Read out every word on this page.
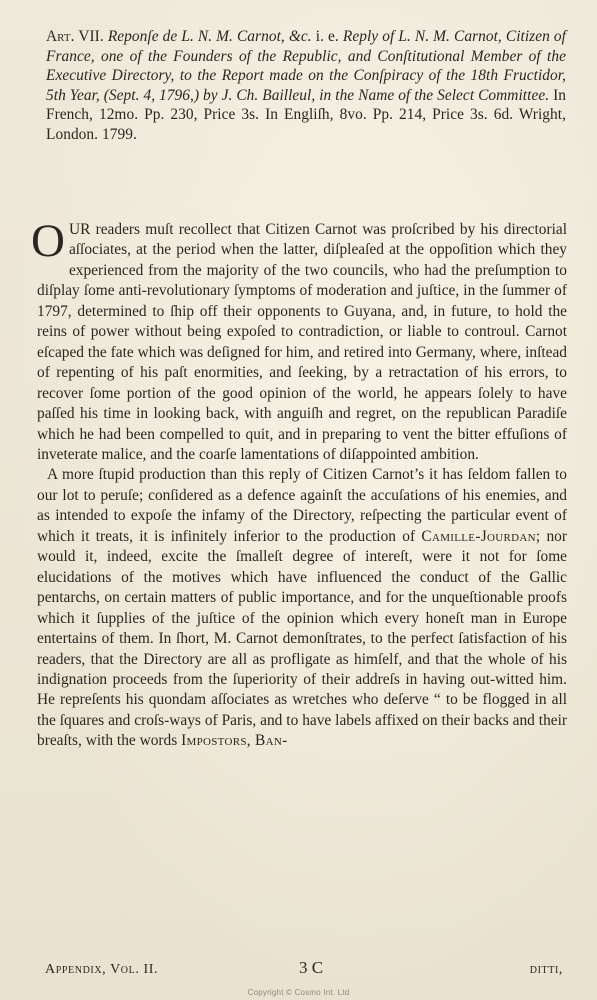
Art. VII. Reponſe de L. N. M. Carnot, &c. i. e. Reply of L. N. M. Carnot, Citizen of France, one of the Founders of the Republic, and Conſtitutional Member of the Executive Directory, to the Report made on the Conſpiracy of the 18th Fructidor, 5th Year, (Sept. 4, 1796,) by J. Ch. Bailleul, in the Name of the Select Committee. In French, 12mo. Pp. 230, Price 3s. In Engliſh, 8vo. Pp. 214, Price 3s. 6d. Wright, London. 1799.

OUR readers muſt recollect that Citizen Carnot was proſcribed by his directorial aſſociates, at the period when the latter, diſpleaſed at the oppoſition which they experienced from the majority of the two councils, who had the preſumption to diſplay ſome anti-revolutionary ſymptoms of moderation and juſtice, in the ſummer of 1797, determined to ſhip off their opponents to Guyana, and, in future, to hold the reins of power without being expoſed to contradiction, or liable to controul. Carnot eſcaped the fate which was deſigned for him, and retired into Germany, where, inſtead of repenting of his paſt enormities, and ſeeking, by a retractation of his errors, to recover ſome portion of the good opinion of the world, he appears ſolely to have paſſed his time in looking back, with anguiſh and regret, on the republican Paradiſe which he had been compelled to quit, and in preparing to vent the bitter effuſions of inveterate malice, and the coarſe lamentations of diſappointed ambition.

A more ſtupid production than this reply of Citizen Carnot’s it has ſeldom fallen to our lot to peruſe; conſidered as a defence againſt the accuſations of his enemies, and as intended to expoſe the infamy of the Directory, reſpecting the particular event of which it treats, it is infinitely inferior to the production of Camille-Jourdan; nor would it, indeed, excite the ſmalleſt degree of intereſt, were it not for ſome elucidations of the motives which have influenced the conduct of the Gallic pentarchs, on certain matters of public importance, and for the unqueſtionable proofs which it ſupplies of the juſtice of the opinion which every honeſt man in Europe entertains of them. In ſhort, M. Carnot demonſtrates, to the perfect ſatisfaction of his readers, that the Directory are all as profligate as himſelf, and that the whole of his indignation proceeds from the ſuperiority of their addreſs in having out-witted him. He repreſents his quondam aſſociates as wretches who deſerve “ to be flogged in all the ſquares and croſs-ways of Paris, and to have labels affixed on their backs and their breaſts, with the words Impostors, Ban-

Appendix, Vol. II.	3 C	ditti,
Copyright © Cosmo Int. Ltd
